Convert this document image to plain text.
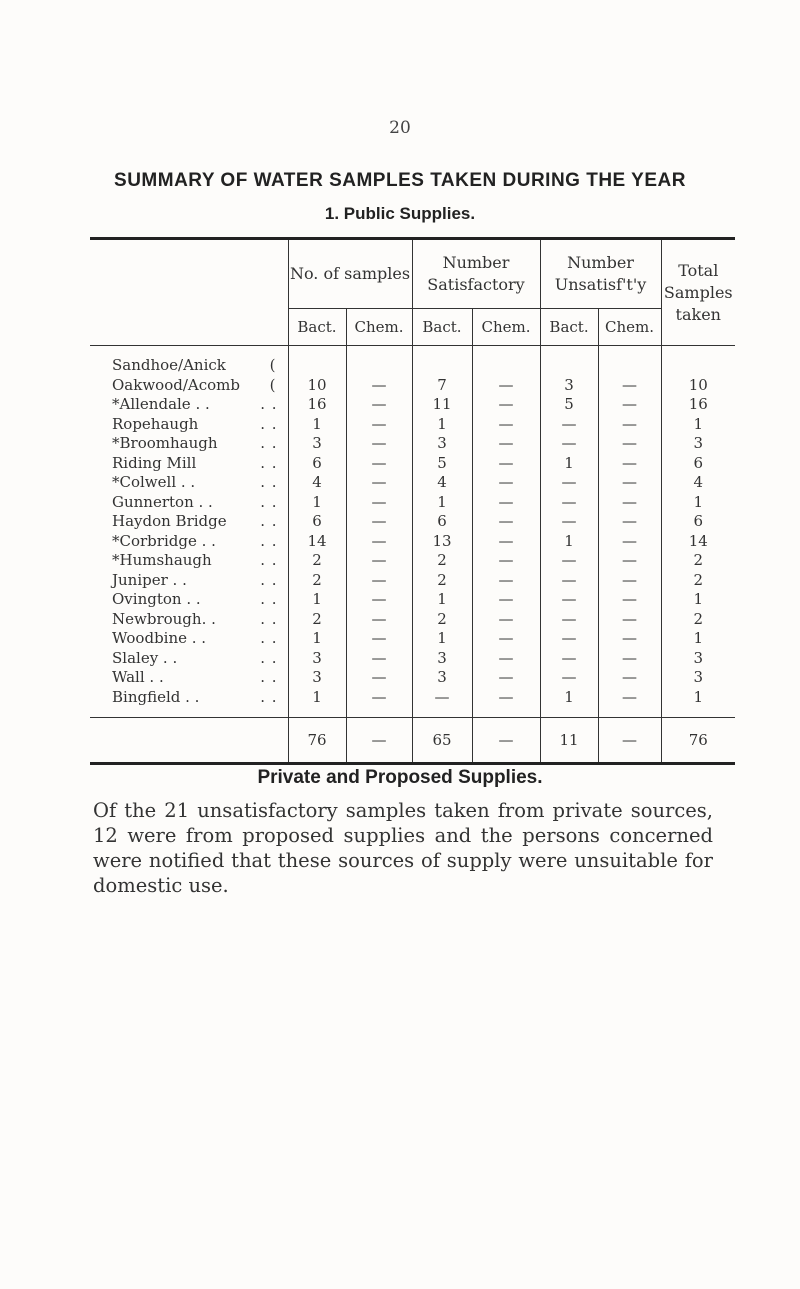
20
SUMMARY OF WATER SAMPLES TAKEN DURING THE YEAR
1. Public Supplies.
	No. of samples		Number Satisfactory		Number Unsatisf't'y		Total Samples taken
	Bact.	Chem.	Bact.	Chem.	Bact.	Chem.	

Sandhoe/Anick (							

Oakwood/Acomb (	10	—	7	—	3	—	10
*Allendale . . . .	16	—	11	—	5	—	16
Ropehaugh . .	1	—	1	—	—	—	1
*Broomhaugh . .	3	—	3	—	—	—	3
Riding Mill . .	6	—	5	—	1	—	6
*Colwell . . . .	4	—	4	—	—	—	4
Gunnerton . . . .	1	—	1	—	—	—	1
Haydon Bridge . .	6	—	6	—	—	—	6
*Corbridge . . . .	14	—	13	—	1	—	14
*Humshaugh . .	2	—	2	—	—	—	2
Juniper . . . .	2	—	2	—	—	—	2
Ovington . . . .	1	—	1	—	—	—	1
Newbrough. . . .	2	—	2	—	—	—	2
Woodbine . . . .	1	—	1	—	—	—	1
Slaley . . . .	3	—	3	—	—	—	3
Wall . . . .	3	—	3	—	—	—	3
Bingfield . . . .	1	—	—	—	1	—	1

	76	—	65	—	11	—	76
Private and Proposed Supplies.
Of the 21 unsatisfactory samples taken from private sources, 12 were from proposed supplies and the persons concerned were notified that these sources of supply were unsuitable for domestic use.
